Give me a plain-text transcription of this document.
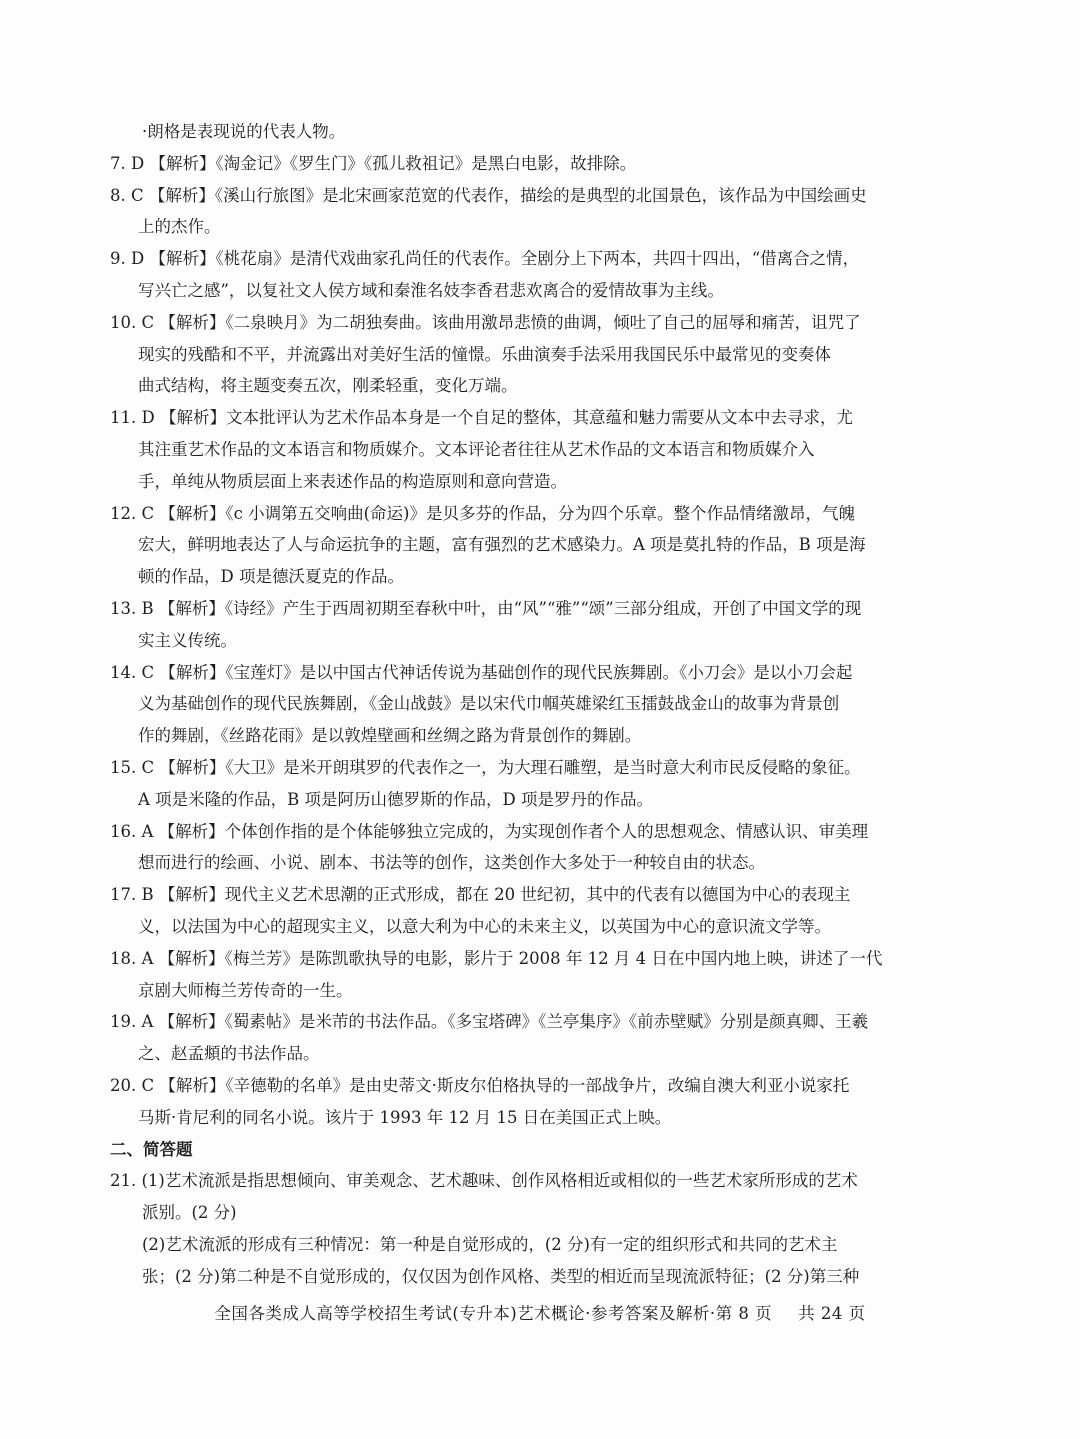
·朗格是表现说的代表人物。
7. D 【解析】《淘金记》《罗生门》《孤儿救祖记》是黑白电影，故排除。
8. C 【解析】《溪山行旅图》是北宋画家范宽的代表作，描绘的是典型的北国景色，该作品为中国绘画史
上的杰作。
9. D 【解析】《桃花扇》是清代戏曲家孔尚任的代表作。全剧分上下两本，共四十四出，“借离合之情，
写兴亡之感”，以复社文人侯方域和秦淮名妓李香君悲欢离合的爱情故事为主线。
10. C 【解析】《二泉映月》为二胡独奏曲。该曲用激昂悲愤的曲调，倾吐了自己的屈辱和痛苦，诅咒了
现实的残酷和不平，并流露出对美好生活的憧憬。乐曲演奏手法采用我国民乐中最常见的变奏体
曲式结构，将主题变奏五次，刚柔轻重，变化万端。
11. D 【解析】文本批评认为艺术作品本身是一个自足的整体，其意蕴和魅力需要从文本中去寻求，尤
其注重艺术作品的文本语言和物质媒介。文本评论者往往从艺术作品的文本语言和物质媒介入
手，单纯从物质层面上来表述作品的构造原则和意向营造。
12. C 【解析】《c 小调第五交响曲(命运)》是贝多芬的作品，分为四个乐章。整个作品情绪激昂，气魄
宏大，鲜明地表达了人与命运抗争的主题，富有强烈的艺术感染力。A 项是莫扎特的作品，B 项是海
顿的作品，D 项是德沃夏克的作品。
13. B 【解析】《诗经》产生于西周初期至春秋中叶，由“风”“雅”“颂”三部分组成，开创了中国文学的现
实主义传统。
14. C 【解析】《宝莲灯》是以中国古代神话传说为基础创作的现代民族舞剧。《小刀会》是以小刀会起
义为基础创作的现代民族舞剧，《金山战鼓》是以宋代巾帼英雄梁红玉擂鼓战金山的故事为背景创
作的舞剧，《丝路花雨》是以敦煌壁画和丝绸之路为背景创作的舞剧。
15. C 【解析】《大卫》是米开朗琪罗的代表作之一，为大理石雕塑，是当时意大利市民反侵略的象征。
A 项是米隆的作品，B 项是阿历山德罗斯的作品，D 项是罗丹的作品。
16. A 【解析】个体创作指的是个体能够独立完成的，为实现创作者个人的思想观念、情感认识、审美理
想而进行的绘画、小说、剧本、书法等的创作，这类创作大多处于一种较自由的状态。
17. B 【解析】现代主义艺术思潮的正式形成，都在 20 世纪初，其中的代表有以德国为中心的表现主
义，以法国为中心的超现实主义，以意大利为中心的未来主义，以英国为中心的意识流文学等。
18. A 【解析】《梅兰芳》是陈凯歌执导的电影，影片于 2008 年 12 月 4 日在中国内地上映，讲述了一代
京剧大师梅兰芳传奇的一生。
19. A 【解析】《蜀素帖》是米芾的书法作品。《多宝塔碑》《兰亭集序》《前赤壁赋》分别是颜真卿、王羲
之、赵孟頫的书法作品。
20. C 【解析】《辛德勒的名单》是由史蒂文·斯皮尔伯格执导的一部战争片，改编自澳大利亚小说家托
马斯·肯尼利的同名小说。该片于 1993 年 12 月 15 日在美国正式上映。
二、简答题
21. (1)艺术流派是指思想倾向、审美观念、艺术趣味、创作风格相近或相似的一些艺术家所形成的艺术
派别。(2 分)
(2)艺术流派的形成有三种情况：第一种是自觉形成的，(2 分)有一定的组织形式和共同的艺术主
张；(2 分)第二种是不自觉形成的，仅仅因为创作风格、类型的相近而呈现流派特征；(2 分)第三种
全国各类成人高等学校招生考试(专升本)艺术概论·参考答案及解析·第 8 页 共 24 页
